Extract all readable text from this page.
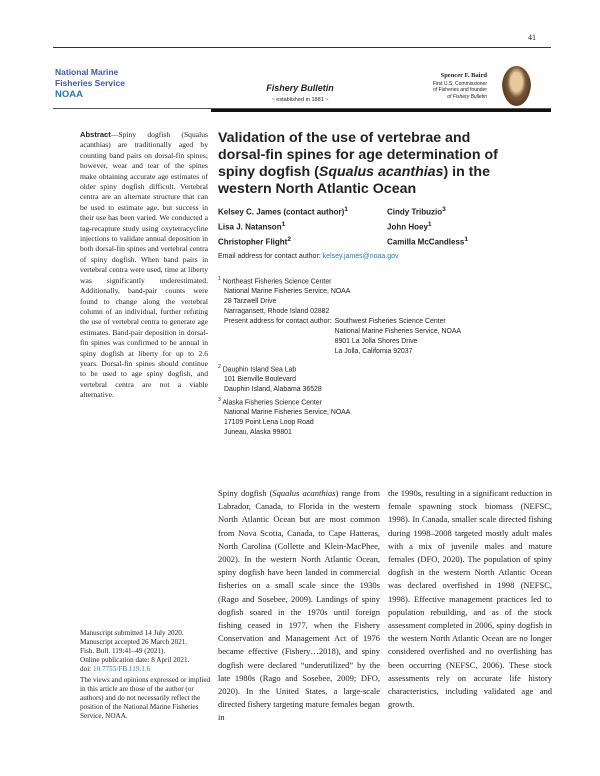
41
National Marine
Fisheries Service
NOAA
Fishery Bulletin
~ established in 1881 ~
Spencer F. Baird
First U.S. Commissioner
of Fisheries and founder
of Fishery Bulletin
Abstract—Spiny dogfish (Squalus acanthias) are traditionally aged by counting band pairs on dorsal-fin spines; however, wear and tear of the spines make obtaining accurate age estimates of older spiny dogfish difficult. Vertebral centra are an alternate structure that can be used to estimate age, but success in their use has been varied. We conducted a tag-recapture study using oxytetracycline injections to validate annual deposition in both dorsal-fin spines and vertebral centra of spiny dogfish. When band pairs in vertebral centra were used, time at liberty was significantly underestimated. Additionally, band-pair counts were found to change along the vertebral column of an individual, further refuting the use of vertebral centra to generate age estimates. Band-pair deposition in dorsal-fin spines was confirmed to be annual in spiny dogfish at liberty for up to 2.6 years. Dorsal-fin spines should continue to be used to age spiny dogfish, and vertebral centra are not a viable alternative.
Manuscript submitted 14 July 2020.
Manuscript accepted 26 March 2021.
Fish. Bull. 119:41–49 (2021).
Online publication date: 8 April 2021.
doi: 10.7755/FB.119.1.6
The views and opinions expressed or implied in this article are those of the author (or authors) and do not necessarily reflect the position of the National Marine Fisheries Service, NOAA.
Validation of the use of vertebrae and dorsal-fin spines for age determination of spiny dogfish (Squalus acanthias) in the western North Atlantic Ocean
Kelsey C. James (contact author)$^1$
Lisa J. Natanson$^1$
Christopher Flight$^2$
Cindy Tribuzio$^3$
John Hoey$^1$
Camilla McCandless$^1$
Email address for contact author: kelsey.james@noaa.gov
$^1$ Northeast Fisheries Science Center
National Marine Fisheries Service, NOAA
28 Tarzwell Drive
Narragansett, Rhode Island 02882
Present address for contact author: Southwest Fisheries Science Center
National Marine Fisheries Service, NOAA
8901 La Jolla Shores Drive
La Jolla, California 92037
$^2$ Dauphin Island Sea Lab
101 Bienville Boulevard
Dauphin Island, Alabama 36528
$^3$ Alaska Fisheries Science Center
National Marine Fisheries Service, NOAA
17109 Point Lena Loop Road
Juneau, Alaska 99801
Spiny dogfish (Squalus acanthias) range from Labrador, Canada, to Florida in the western North Atlantic Ocean but are most common from Nova Scotia, Canada, to Cape Hatteras, North Carolina (Collette and Klein-MacPhee, 2002). In the western North Atlantic Ocean, spiny dogfish have been landed in commercial fisheries on a small scale since the 1930s (Rago and Sosebee, 2009). Landings of spiny dogfish soared in the 1970s until foreign fishing ceased in 1977, when the Fishery Conservation and Management Act of 1976 became effective (Fishery…2018), and spiny dogfish were declared “underutilized” by the late 1980s (Rago and Sosebee, 2009; DFO, 2020). In the United States, a large-scale directed fishery targeting mature females began in
the 1990s, resulting in a significant reduction in female spawning stock biomass (NEFSC, 1998). In Canada, smaller scale directed fishing during 1998–2008 targeted mostly adult males with a mix of juvenile males and mature females (DFO, 2020). The population of spiny dogfish in the western North Atlantic Ocean was declared overfished in 1998 (NEFSC, 1998). Effective management practices led to population rebuilding, and as of the stock assessment completed in 2006, spiny dogfish in the western North Atlantic Ocean are no longer considered overfished and no overfishing has been occurring (NEFSC, 2006). These stock assessments rely on accurate life history characteristics, including validated age and growth.
